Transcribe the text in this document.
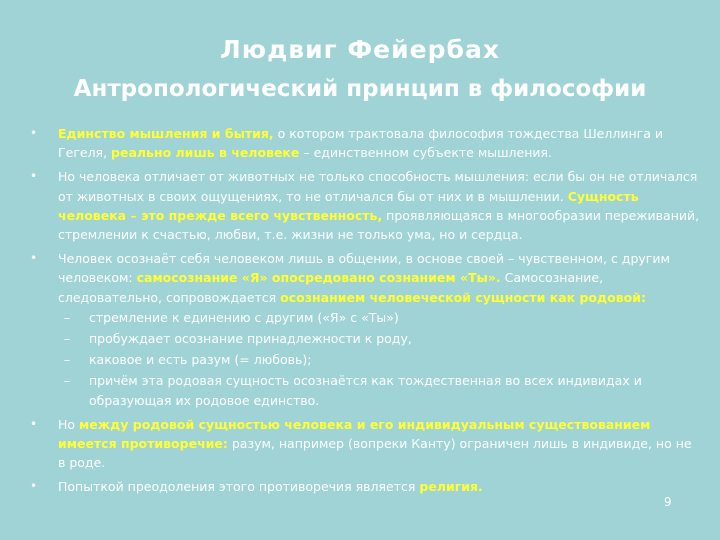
Людвиг Фейербах
Антропологический принцип в философии
• Единство мышления и бытия, о котором трактовала философия тождества Шеллинга и Гегеля, реально лишь в человеке – единственном субъекте мышления.
• Но человека отличает от животных не только способность мышления: если бы он не отличался от животных в своих ощущениях, то не отличался бы от них и в мышлении. Сущность человека – это прежде всего чувственность, проявляющаяся в многообразии переживаний, стремлении к счастью, любви, т.е. жизни не только ума, но и сердца.
• Человек осознаёт себя человеком лишь в общении, в основе своей – чувственном, с другим человеком: самосознание «Я» опосредовано сознанием «Ты». Самосознание, следовательно, сопровождается осознанием человеческой сущности как родовой:
– стремление к единению с другим («Я» с «Ты»)
– пробуждает осознание принадлежности к роду,
– каковое и есть разум (= любовь);
– причём эта родовая сущность осознаётся как тождественная во всех индивидах и образующая их родовое единство.
• Но между родовой сущностью человека и его индивидуальным существованием имеется противоречие: разум, например (вопреки Канту) ограничен лишь в индивиде, но не в роде.
• Попыткой преодоления этого противоречия является религия.
9
